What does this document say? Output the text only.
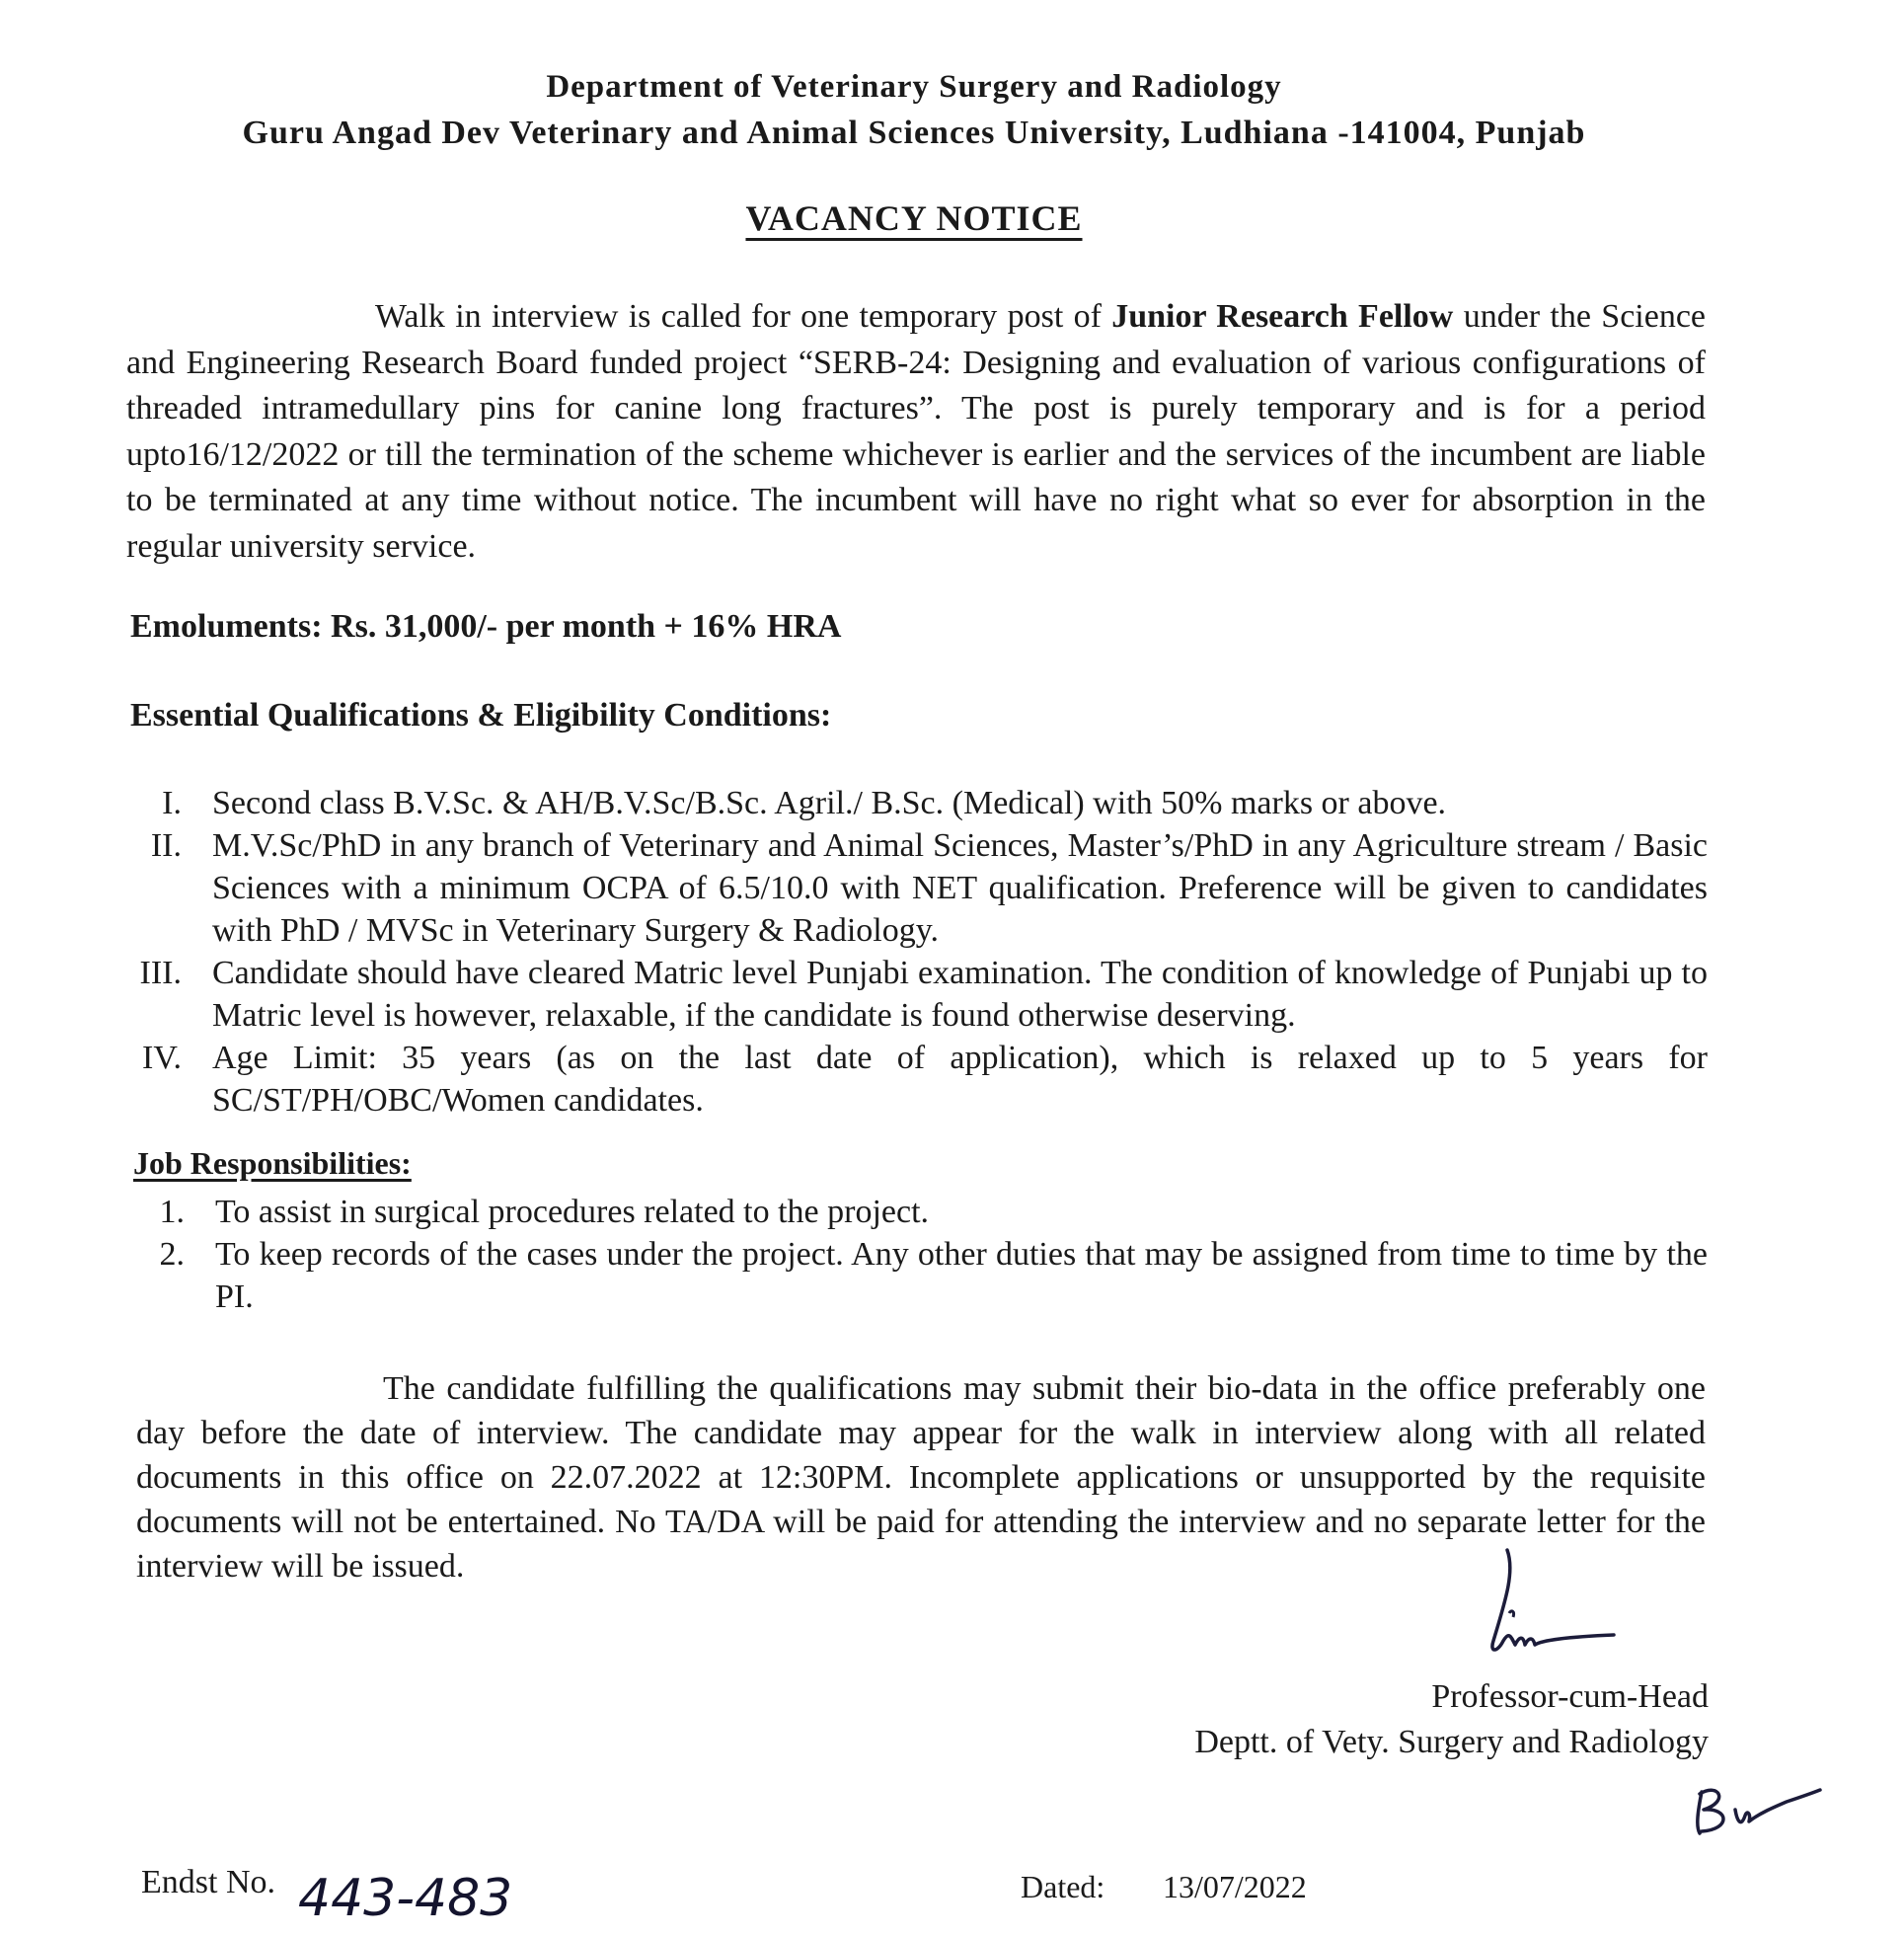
Department of Veterinary Surgery and Radiology
Guru Angad Dev Veterinary and Animal Sciences University, Ludhiana -141004, Punjab
VACANCY NOTICE
Walk in interview is called for one temporary post of Junior Research Fellow under the Science and Engineering Research Board funded project “SERB-24: Designing and evaluation of various configurations of threaded intramedullary pins for canine long fractures”. The post is purely temporary and is for a period upto16/12/2022 or till the termination of the scheme whichever is earlier and the services of the incumbent are liable to be terminated at any time without notice. The incumbent will have no right what so ever for absorption in the regular university service.
Emoluments: Rs. 31,000/- per month + 16% HRA
Essential Qualifications & Eligibility Conditions:
I. Second class B.V.Sc. & AH/B.V.Sc/B.Sc. Agril./ B.Sc. (Medical) with 50% marks or above.
II. M.V.Sc/PhD in any branch of Veterinary and Animal Sciences, Master’s/PhD in any Agriculture stream / Basic Sciences with a minimum OCPA of 6.5/10.0 with NET qualification. Preference will be given to candidates with PhD / MVSc in Veterinary Surgery & Radiology.
III. Candidate should have cleared Matric level Punjabi examination. The condition of knowledge of Punjabi up to Matric level is however, relaxable, if the candidate is found otherwise deserving.
IV. Age Limit: 35 years (as on the last date of application), which is relaxed up to 5 years for SC/ST/PH/OBC/Women candidates.
Job Responsibilities:
1. To assist in surgical procedures related to the project.
2. To keep records of the cases under the project. Any other duties that may be assigned from time to time by the PI.
The candidate fulfilling the qualifications may submit their bio-data in the office preferably one day before the date of interview. The candidate may appear for the walk in interview along with all related documents in this office on 22.07.2022 at 12:30PM. Incomplete applications or unsupported by the requisite documents will not be entertained. No TA/DA will be paid for attending the interview and no separate letter for the interview will be issued.
Professor-cum-Head
Deptt. of Vety. Surgery and Radiology
Endst No. 443-483	Dated: 13/07/2022
